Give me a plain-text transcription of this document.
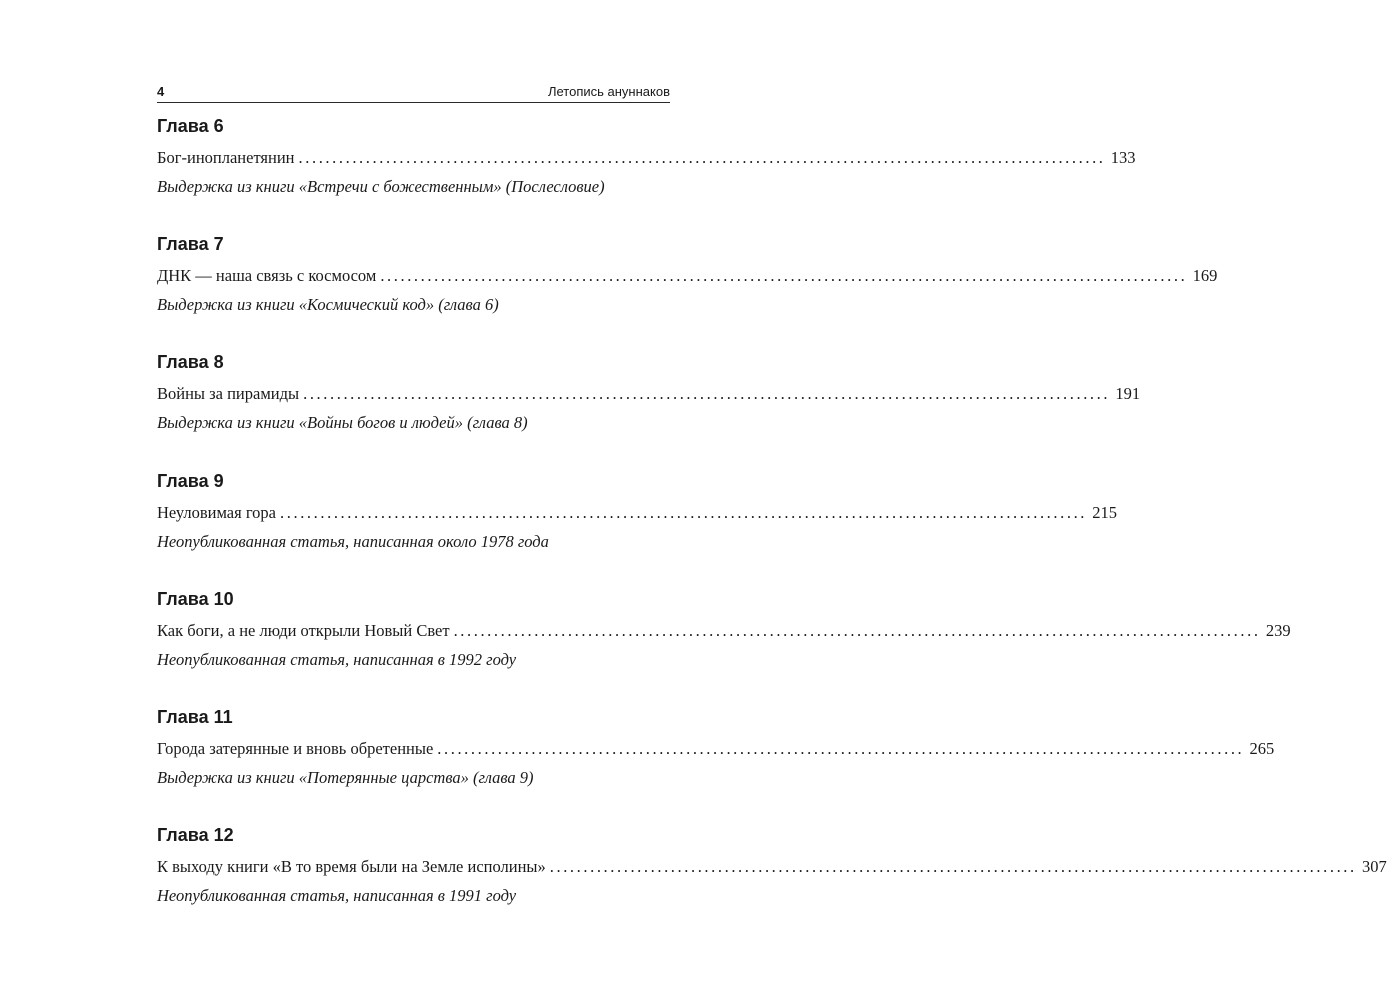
4	Летопись ануннаков
Глава 6
Бог-инопланетянин ........................................................................................................................ 133
Выдержка из книги «Встречи с божественным» (Послесловие)
Глава 7
ДНК — наша связь с космосом ........................................................................................................................ 169
Выдержка из книги «Космический код» (глава 6)
Глава 8
Войны за пирамиды ........................................................................................................................ 191
Выдержка из книги «Войны богов и людей» (глава 8)
Глава 9
Неуловимая гора ........................................................................................................................ 215
Неопубликованная статья, написанная около 1978 года
Глава 10
Как боги, а не люди открыли Новый Свет ........................................................................................................................ 239
Неопубликованная статья, написанная в 1992 году
Глава 11
Города затерянные и вновь обретенные ........................................................................................................................ 265
Выдержка из книги «Потерянные царства» (глава 9)
Глава 12
К выходу книги «В то время были на Земле исполины» ........................................................................................................................ 307
Неопубликованная статья, написанная в 1991 году
